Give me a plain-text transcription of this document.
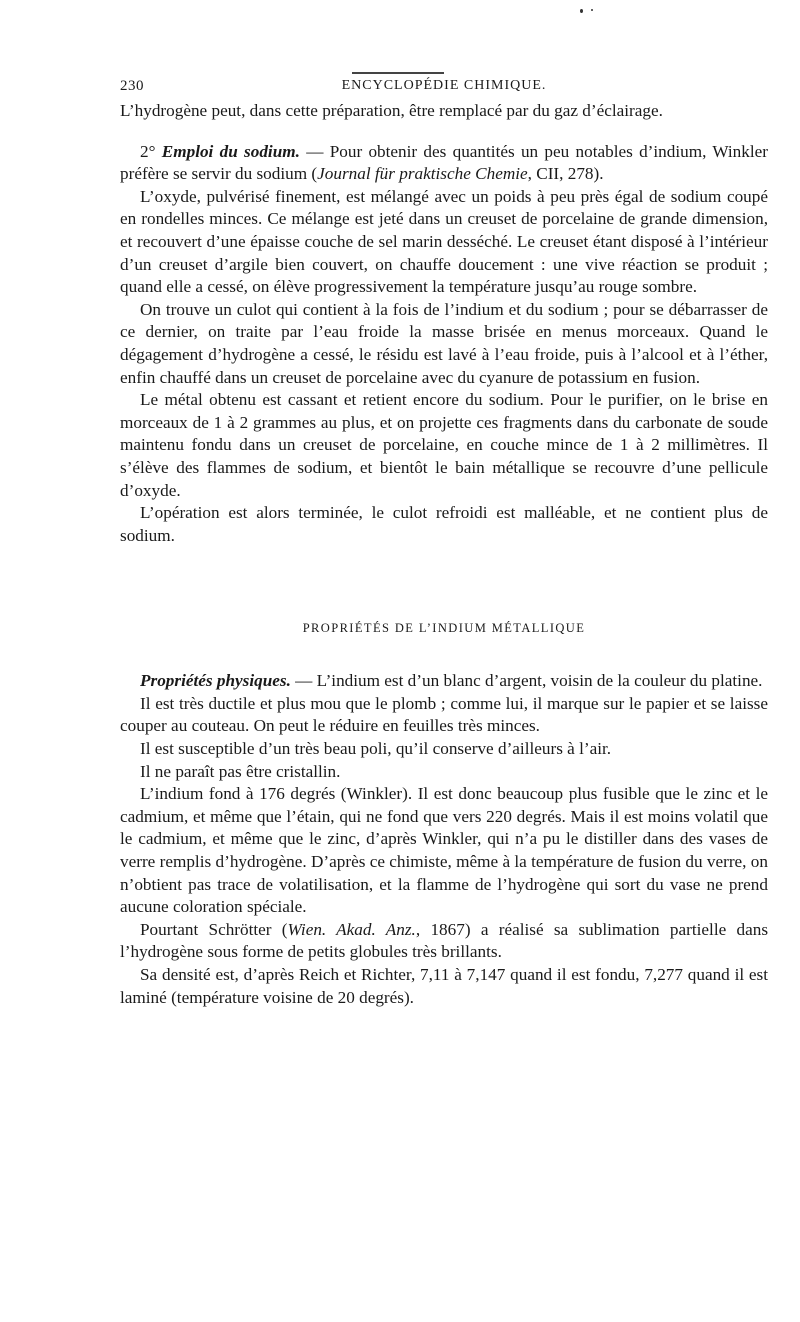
230	ENCYCLOPÉDIE CHIMIQUE.

L’hydrogène peut, dans cette préparation, être remplacé par du gaz d’éclairage.

2° Emploi du sodium. — Pour obtenir des quantités un peu notables d’indium, Winkler préfère se servir du sodium (Journal für praktische Chemie, CII, 278).

L’oxyde, pulvérisé finement, est mélangé avec un poids à peu près égal de sodium coupé en rondelles minces. Ce mélange est jeté dans un creuset de porcelaine de grande dimension, et recouvert d’une épaisse couche de sel marin desséché. Le creuset étant disposé à l’intérieur d’un creuset d’argile bien couvert, on chauffe doucement : une vive réaction se produit ; quand elle a cessé, on élève progressivement la température jusqu’au rouge sombre.

On trouve un culot qui contient à la fois de l’indium et du sodium ; pour se débarrasser de ce dernier, on traite par l’eau froide la masse brisée en menus morceaux. Quand le dégagement d’hydrogène a cessé, le résidu est lavé à l’eau froide, puis à l’alcool et à l’éther, enfin chauffé dans un creuset de porcelaine avec du cyanure de potassium en fusion.

Le métal obtenu est cassant et retient encore du sodium. Pour le purifier, on le brise en morceaux de 1 à 2 grammes au plus, et on projette ces fragments dans du carbonate de soude maintenu fondu dans un creuset de porcelaine, en couche mince de 1 à 2 millimètres. Il s’élève des flammes de sodium, et bientôt le bain métallique se recouvre d’une pellicule d’oxyde.

L’opération est alors terminée, le culot refroidi est malléable, et ne contient plus de sodium.

PROPRIÉTÉS DE L’INDIUM MÉTALLIQUE

Propriétés physiques. — L’indium est d’un blanc d’argent, voisin de la couleur du platine.

Il est très ductile et plus mou que le plomb ; comme lui, il marque sur le papier et se laisse couper au couteau. On peut le réduire en feuilles très minces.

Il est susceptible d’un très beau poli, qu’il conserve d’ailleurs à l’air.

Il ne paraît pas être cristallin.

L’indium fond à 176 degrés (Winkler). Il est donc beaucoup plus fusible que le zinc et le cadmium, et même que l’étain, qui ne fond que vers 220 degrés. Mais il est moins volatil que le cadmium, et même que le zinc, d’après Winkler, qui n’a pu le distiller dans des vases de verre remplis d’hydrogène. D’après ce chimiste, même à la température de fusion du verre, on n’obtient pas trace de volatilisation, et la flamme de l’hydrogène qui sort du vase ne prend aucune coloration spéciale.

Pourtant Schrötter (Wien. Akad. Anz., 1867) a réalisé sa sublimation partielle dans l’hydrogène sous forme de petits globules très brillants.

Sa densité est, d’après Reich et Richter, 7,11 à 7,147 quand il est fondu, 7,277 quand il est laminé (température voisine de 20 degrés).
